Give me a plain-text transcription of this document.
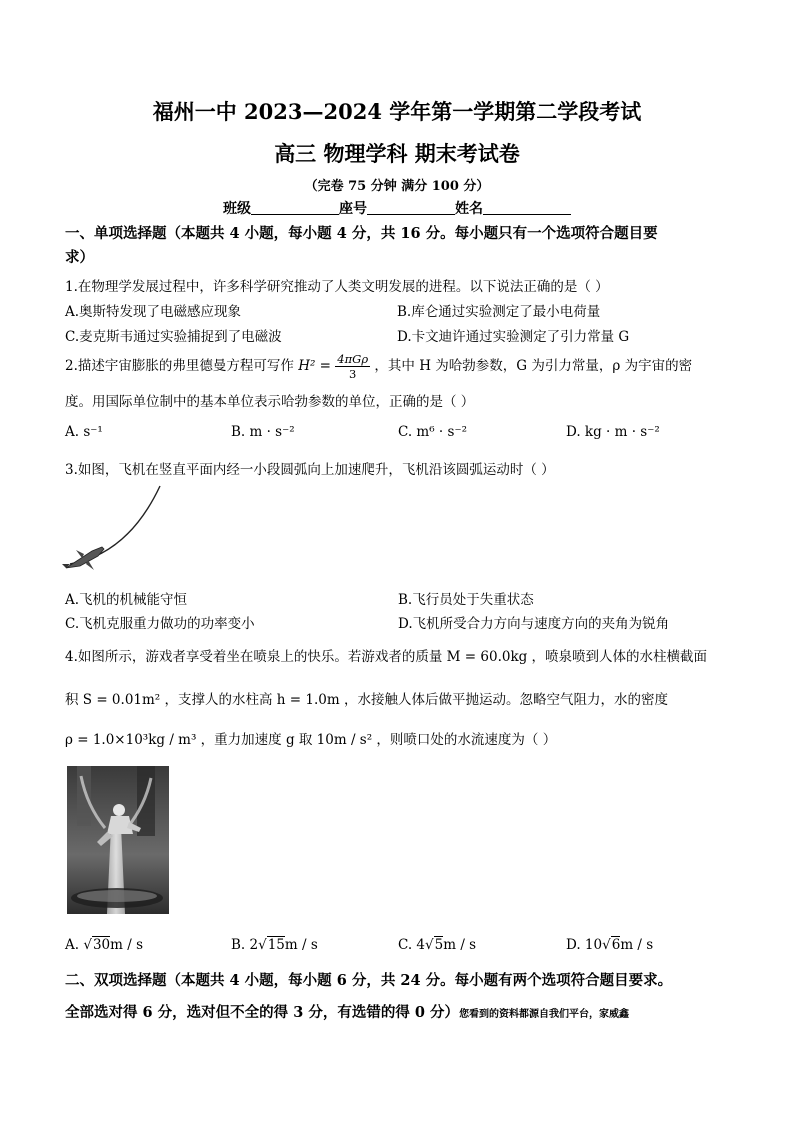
福州一中 2023—2024 学年第一学期第二学段考试
高三 物理学科 期末考试卷
（完卷 75 分钟 满分 100 分）
班级	座号	姓名
一、单项选择题（本题共 4 小题，每小题 4 分，共 16 分。每小题只有一个选项符合题目要
求）
1.在物理学发展过程中，许多科学研究推动了人类文明发展的进程。以下说法正确的是（ ）
A.奥斯特发现了电磁感应现象	B.库仑通过实验测定了最小电荷量
C.麦克斯韦通过实验捕捉到了电磁波	D.卡文迪许通过实验测定了引力常量 G
2.描述宇宙膨胀的弗里德曼方程可写作 $H^2 = \frac{\text{4πGρ}}{3}$ ，其中 H 为哈勃参数，G 为引力常量，ρ 为宇宙的密
度。用国际单位制中的基本单位表示哈勃参数的单位，正确的是（ ）
A. s⁻¹	B. m · s⁻²	C. m⁶ · s⁻²	D. kg · m · s⁻²
3.如图，飞机在竖直平面内经一小段圆弧向上加速爬升，飞机沿该圆弧运动时（ ）
A.飞机的机械能守恒	B.飞行员处于失重状态
C.飞机克服重力做功的功率变小	D.飞机所受合力方向与速度方向的夹角为锐角
4.如图所示，游戏者享受着坐在喷泉上的快乐。若游戏者的质量 M = 60.0kg ，喷泉喷到人体的水柱横截面
积 S = 0.01m² ，支撑人的水柱高 h = 1.0m ，水接触人体后做平抛运动。忽略空气阻力，水的密度
ρ = 1.0×10³kg / m³ ，重力加速度 g 取 10m / s² ，则喷口处的水流速度为（ ）
A. √30m / s	B. 2√15m / s	C. 4√5m / s	D. 10√6m / s
二、双项选择题（本题共 4 小题，每小题 6 分，共 24 分。每小题有两个选项符合题目要求。
全部选对得 6 分，选对但不全的得 3 分，有选错的得 0 分）您看到的资料都源自我们平台，家威鑫
